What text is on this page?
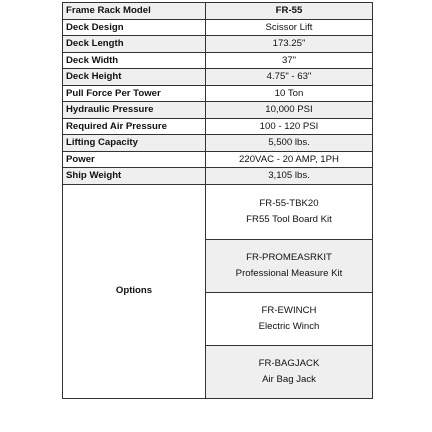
Frame Rack Model	FR-55
Deck Design	Scissor Lift
Deck Length	173.25"
Deck Width	37"
Deck Height	4.75" - 63"
Pull Force Per Tower	10 Ton
Hydraulic Pressure	10,000 PSI
Required Air Pressure	100 - 120 PSI
Lifting Capacity	5,500 lbs.
Power	220VAC - 20 AMP, 1PH
Ship Weight	3,105 lbs.
Options	FR-55-TBK20
FR55 Tool Board Kit

	FR-PROMEASRKIT
Professional Measure Kit

	FR-EWINCH
Electric Winch

	FR-BAGJACK
Air Bag Jack
